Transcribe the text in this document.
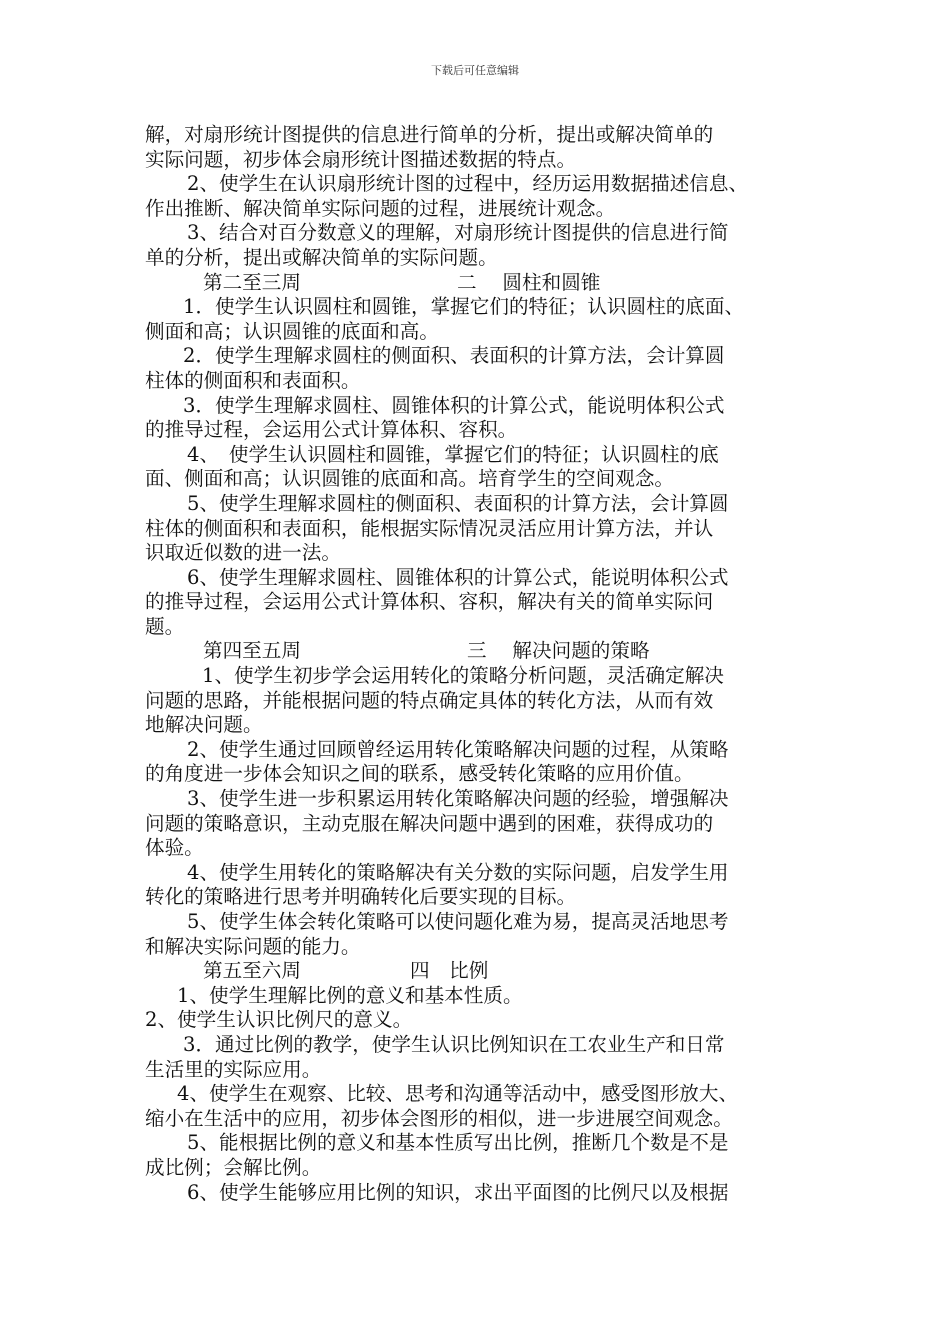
下载后可任意编辑
解，对扇形统计图提供的信息进行简单的分析，提出或解决简单的
实际问题，初步体会扇形统计图描述数据的特点。
2、使学生在认识扇形统计图的过程中，经历运用数据描述信息、
作出推断、解决简单实际问题的过程，进展统计观念。
3、结合对百分数意义的理解，对扇形统计图提供的信息进行简
单的分析，提出或解决简单的实际问题。
第二至三周	二　 圆柱和圆锥
1．使学生认识圆柱和圆锥，掌握它们的特征；认识圆柱的底面、
侧面和高；认识圆锥的底面和高。
2．使学生理解求圆柱的侧面积、表面积的计算方法，会计算圆
柱体的侧面积和表面积。
3．使学生理解求圆柱、圆锥体积的计算公式，能说明体积公式
的推导过程，会运用公式计算体积、容积。
4、　使学生认识圆柱和圆锥，掌握它们的特征；认识圆柱的底
面、侧面和高；认识圆锥的底面和高。培育学生的空间观念。
5、使学生理解求圆柱的侧面积、表面积的计算方法，会计算圆
柱体的侧面积和表面积，能根据实际情况灵活应用计算方法，并认
识取近似数的进一法。
6、使学生理解求圆柱、圆锥体积的计算公式，能说明体积公式
的推导过程，会运用公式计算体积、容积，解决有关的简单实际问
题。
第四至五周	三　 解决问题的策略
1、使学生初步学会运用转化的策略分析问题，灵活确定解决
问题的思路，并能根据问题的特点确定具体的转化方法，从而有效
地解决问题。
2、使学生通过回顾曾经运用转化策略解决问题的过程，从策略
的角度进一步体会知识之间的联系，感受转化策略的应用价值。
3、使学生进一步积累运用转化策略解决问题的经验，增强解决
问题的策略意识，主动克服在解决问题中遇到的困难，获得成功的
体验。
4、使学生用转化的策略解决有关分数的实际问题，启发学生用
转化的策略进行思考并明确转化后要实现的目标。
5、使学生体会转化策略可以使问题化难为易，提高灵活地思考
和解决实际问题的能力。
第五至六周	四　比例
1、使学生理解比例的意义和基本性质。
2、使学生认识比例尺的意义。
3．通过比例的教学，使学生认识比例知识在工农业生产和日常
生活里的实际应用。
4、使学生在观察、比较、思考和沟通等活动中，感受图形放大、
缩小在生活中的应用，初步体会图形的相似，进一步进展空间观念。
5、能根据比例的意义和基本性质写出比例，推断几个数是不是
成比例；会解比例。
6、使学生能够应用比例的知识，求出平面图的比例尺以及根据
